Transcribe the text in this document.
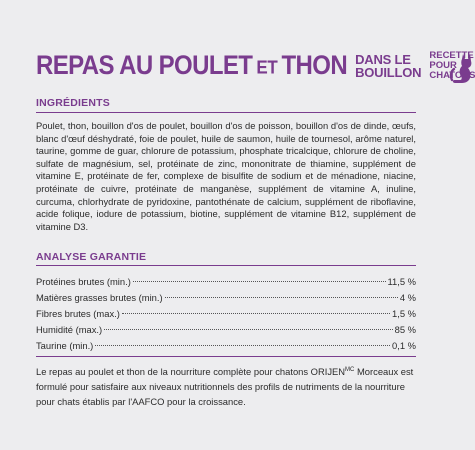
REPAS AU POULET ET THON DANS LE
BOUILLON
RECETTE
POUR
CHATONS
INGRÉDIENTS
Poulet, thon, bouillon d'os de poulet, bouillon d'os de poisson, bouillon d'os de dinde, œufs, blanc d'œuf déshydraté, foie de poulet, huile de saumon, huile de tournesol, arôme naturel, taurine, gomme de guar, chlorure de potassium, phosphate tricalcique, chlorure de choline, sulfate de magnésium, sel, protéinate de zinc, mononitrate de thiamine, supplément de vitamine E, protéinate de fer, complexe de bisulfite de sodium et de ménadione, niacine, protéinate de cuivre, protéinate de manganèse, supplément de vitamine A, inuline, curcuma, chlorhydrate de pyridoxine, pantothénate de calcium, supplément de riboflavine, acide folique, iodure de potassium, biotine, supplément de vitamine B12, supplément de vitamine D3.
ANALYSE GARANTIE
Protéines brutes (min.)	11,5 %
Matières grasses brutes (min.)	4 %
Fibres brutes (max.)	1,5 %
Humidité (max.)	85 %
Taurine (min.)	0,1 %
Le repas au poulet et thon de la nourriture complète pour chatons $ORIJEN^{MC}$ Morceaux est formulé pour satisfaire aux niveaux nutritionnels des profils de nutriments de la nourriture pour chats établis par l'AAFCO pour la croissance.
